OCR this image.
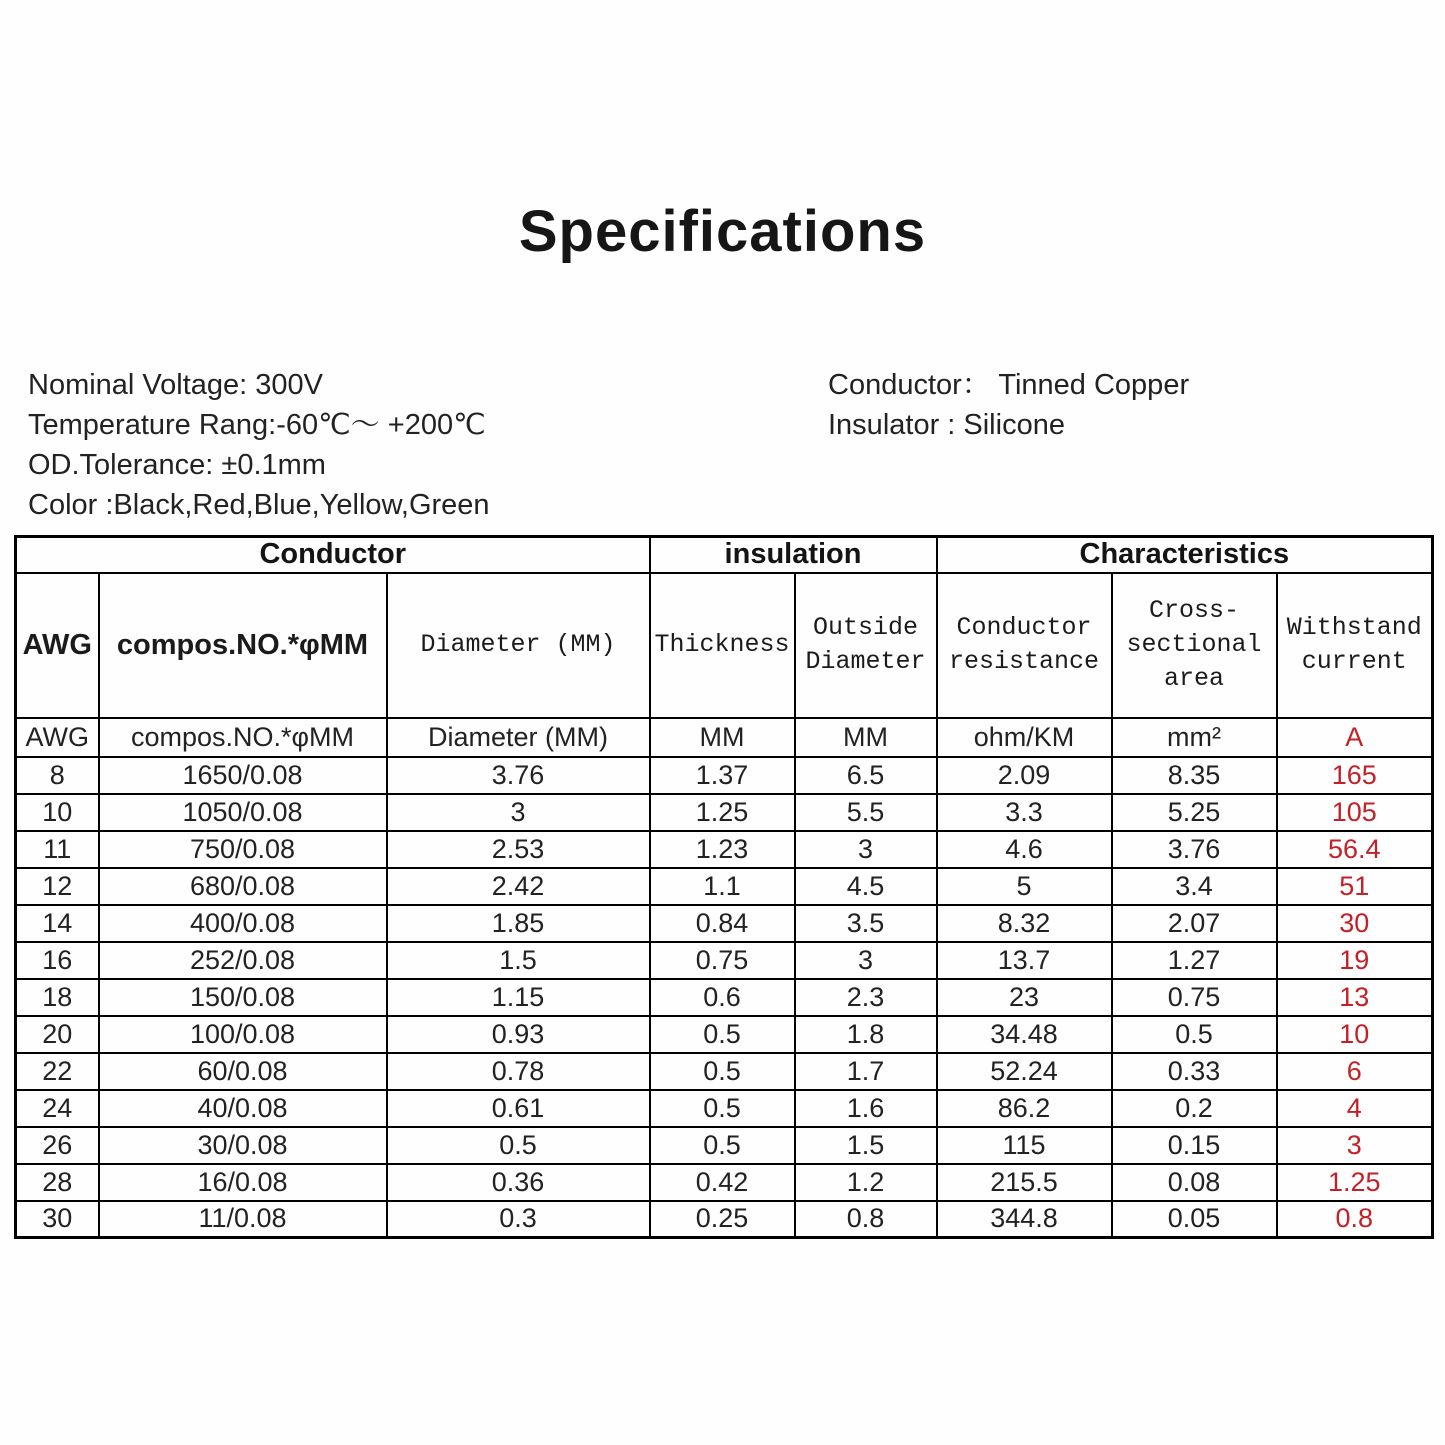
Specifications
Nominal Voltage: 300V
Temperature Rang:-60℃～ +200℃
OD.Tolerance: ±0.1mm
Color :Black,Red,Blue,Yellow,Green
Conductor： Tinned Copper
Insulator : Silicone
Conductor			insulation		Characteristics		
AWG	compos.NO.*φMM	Diameter (MM)	Thickness	Outside Diameter	Conductor resistance	Cross-sectional area	Withstand current
AWG	compos.NO.*φMM	Diameter (MM)	MM	MM	ohm/KM	mm²	A
8	1650/0.08	3.76	1.37	6.5	2.09	8.35	165
10	1050/0.08	3	1.25	5.5	3.3	5.25	105
11	750/0.08	2.53	1.23	3	4.6	3.76	56.4
12	680/0.08	2.42	1.1	4.5	5	3.4	51
14	400/0.08	1.85	0.84	3.5	8.32	2.07	30
16	252/0.08	1.5	0.75	3	13.7	1.27	19
18	150/0.08	1.15	0.6	2.3	23	0.75	13
20	100/0.08	0.93	0.5	1.8	34.48	0.5	10
22	60/0.08	0.78	0.5	1.7	52.24	0.33	6
24	40/0.08	0.61	0.5	1.6	86.2	0.2	4
26	30/0.08	0.5	0.5	1.5	115	0.15	3
28	16/0.08	0.36	0.42	1.2	215.5	0.08	1.25
30	11/0.08	0.3	0.25	0.8	344.8	0.05	0.8
